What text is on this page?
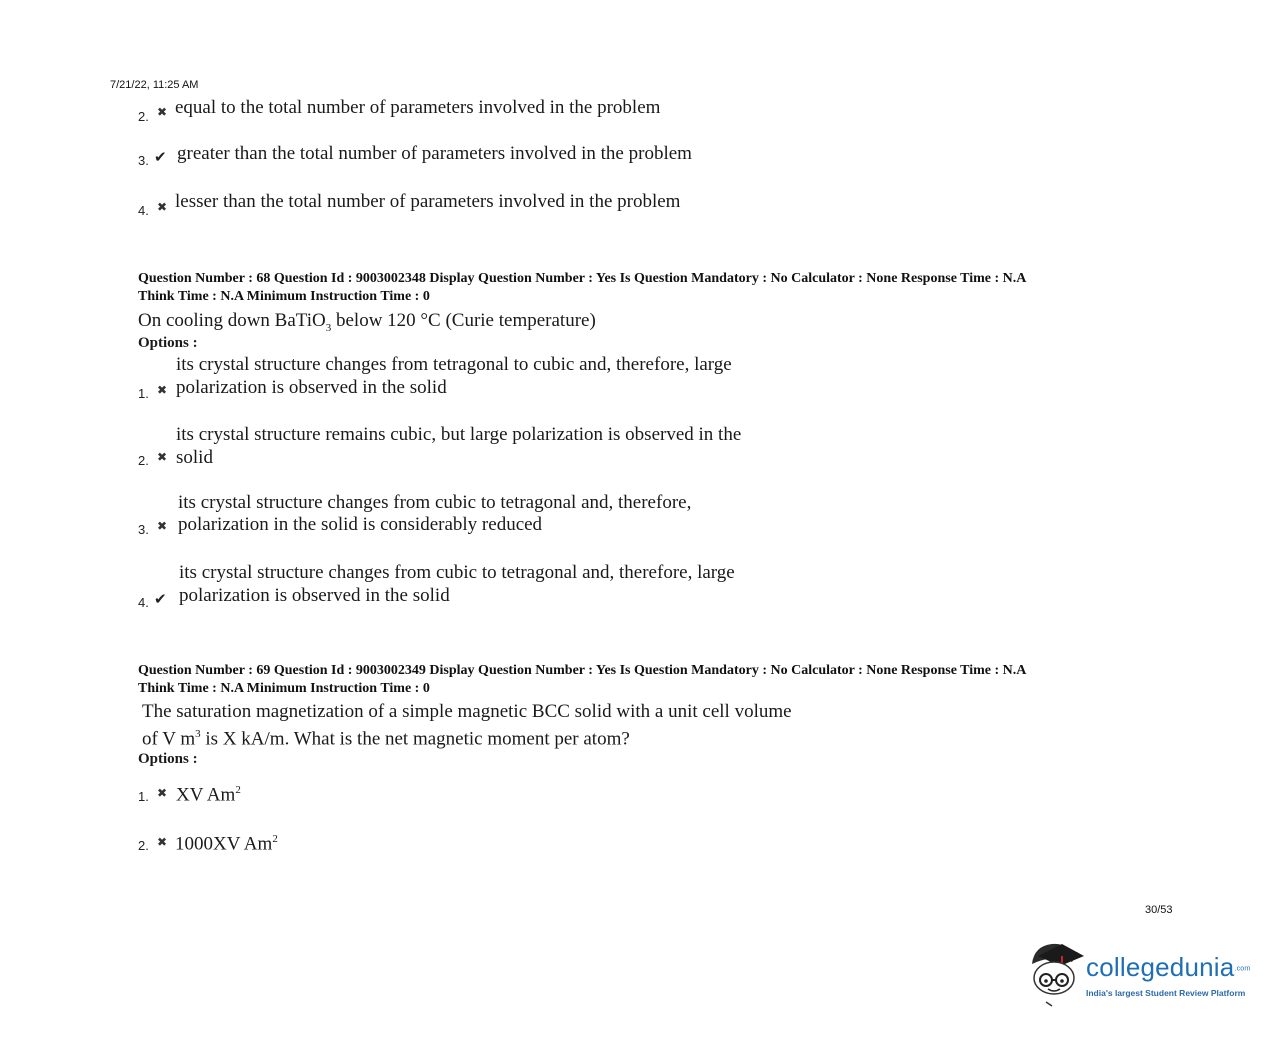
7/21/22, 11:25 AM
2. ✖ equal to the total number of parameters involved in the problem
3. ✔ greater than the total number of parameters involved in the problem
4. ✖ lesser than the total number of parameters involved in the problem
Question Number : 68 Question Id : 9003002348 Display Question Number : Yes Is Question Mandatory : No Calculator : None Response Time : N.A
Think Time : N.A Minimum Instruction Time : 0
On cooling down BaTiO$_3$ below 120 °C (Curie temperature)
Options :
its crystal structure changes from tetragonal to cubic and, therefore, large
1. ✖ polarization is observed in the solid
its crystal structure remains cubic, but large polarization is observed in the
2. ✖ solid
its crystal structure changes from cubic to tetragonal and, therefore,
3. ✖ polarization in the solid is considerably reduced
its crystal structure changes from cubic to tetragonal and, therefore, large
4. ✔ polarization is observed in the solid
Question Number : 69 Question Id : 9003002349 Display Question Number : Yes Is Question Mandatory : No Calculator : None Response Time : N.A
Think Time : N.A Minimum Instruction Time : 0
The saturation magnetization of a simple magnetic BCC solid with a unit cell volume
of V $m^3$ is X kA/m. What is the net magnetic moment per atom?
Options :
1. ✖ XV Am$^2$
2. ✖ 1000XV Am$^2$
30/53
collegedunia.com
India's largest Student Review Platform
